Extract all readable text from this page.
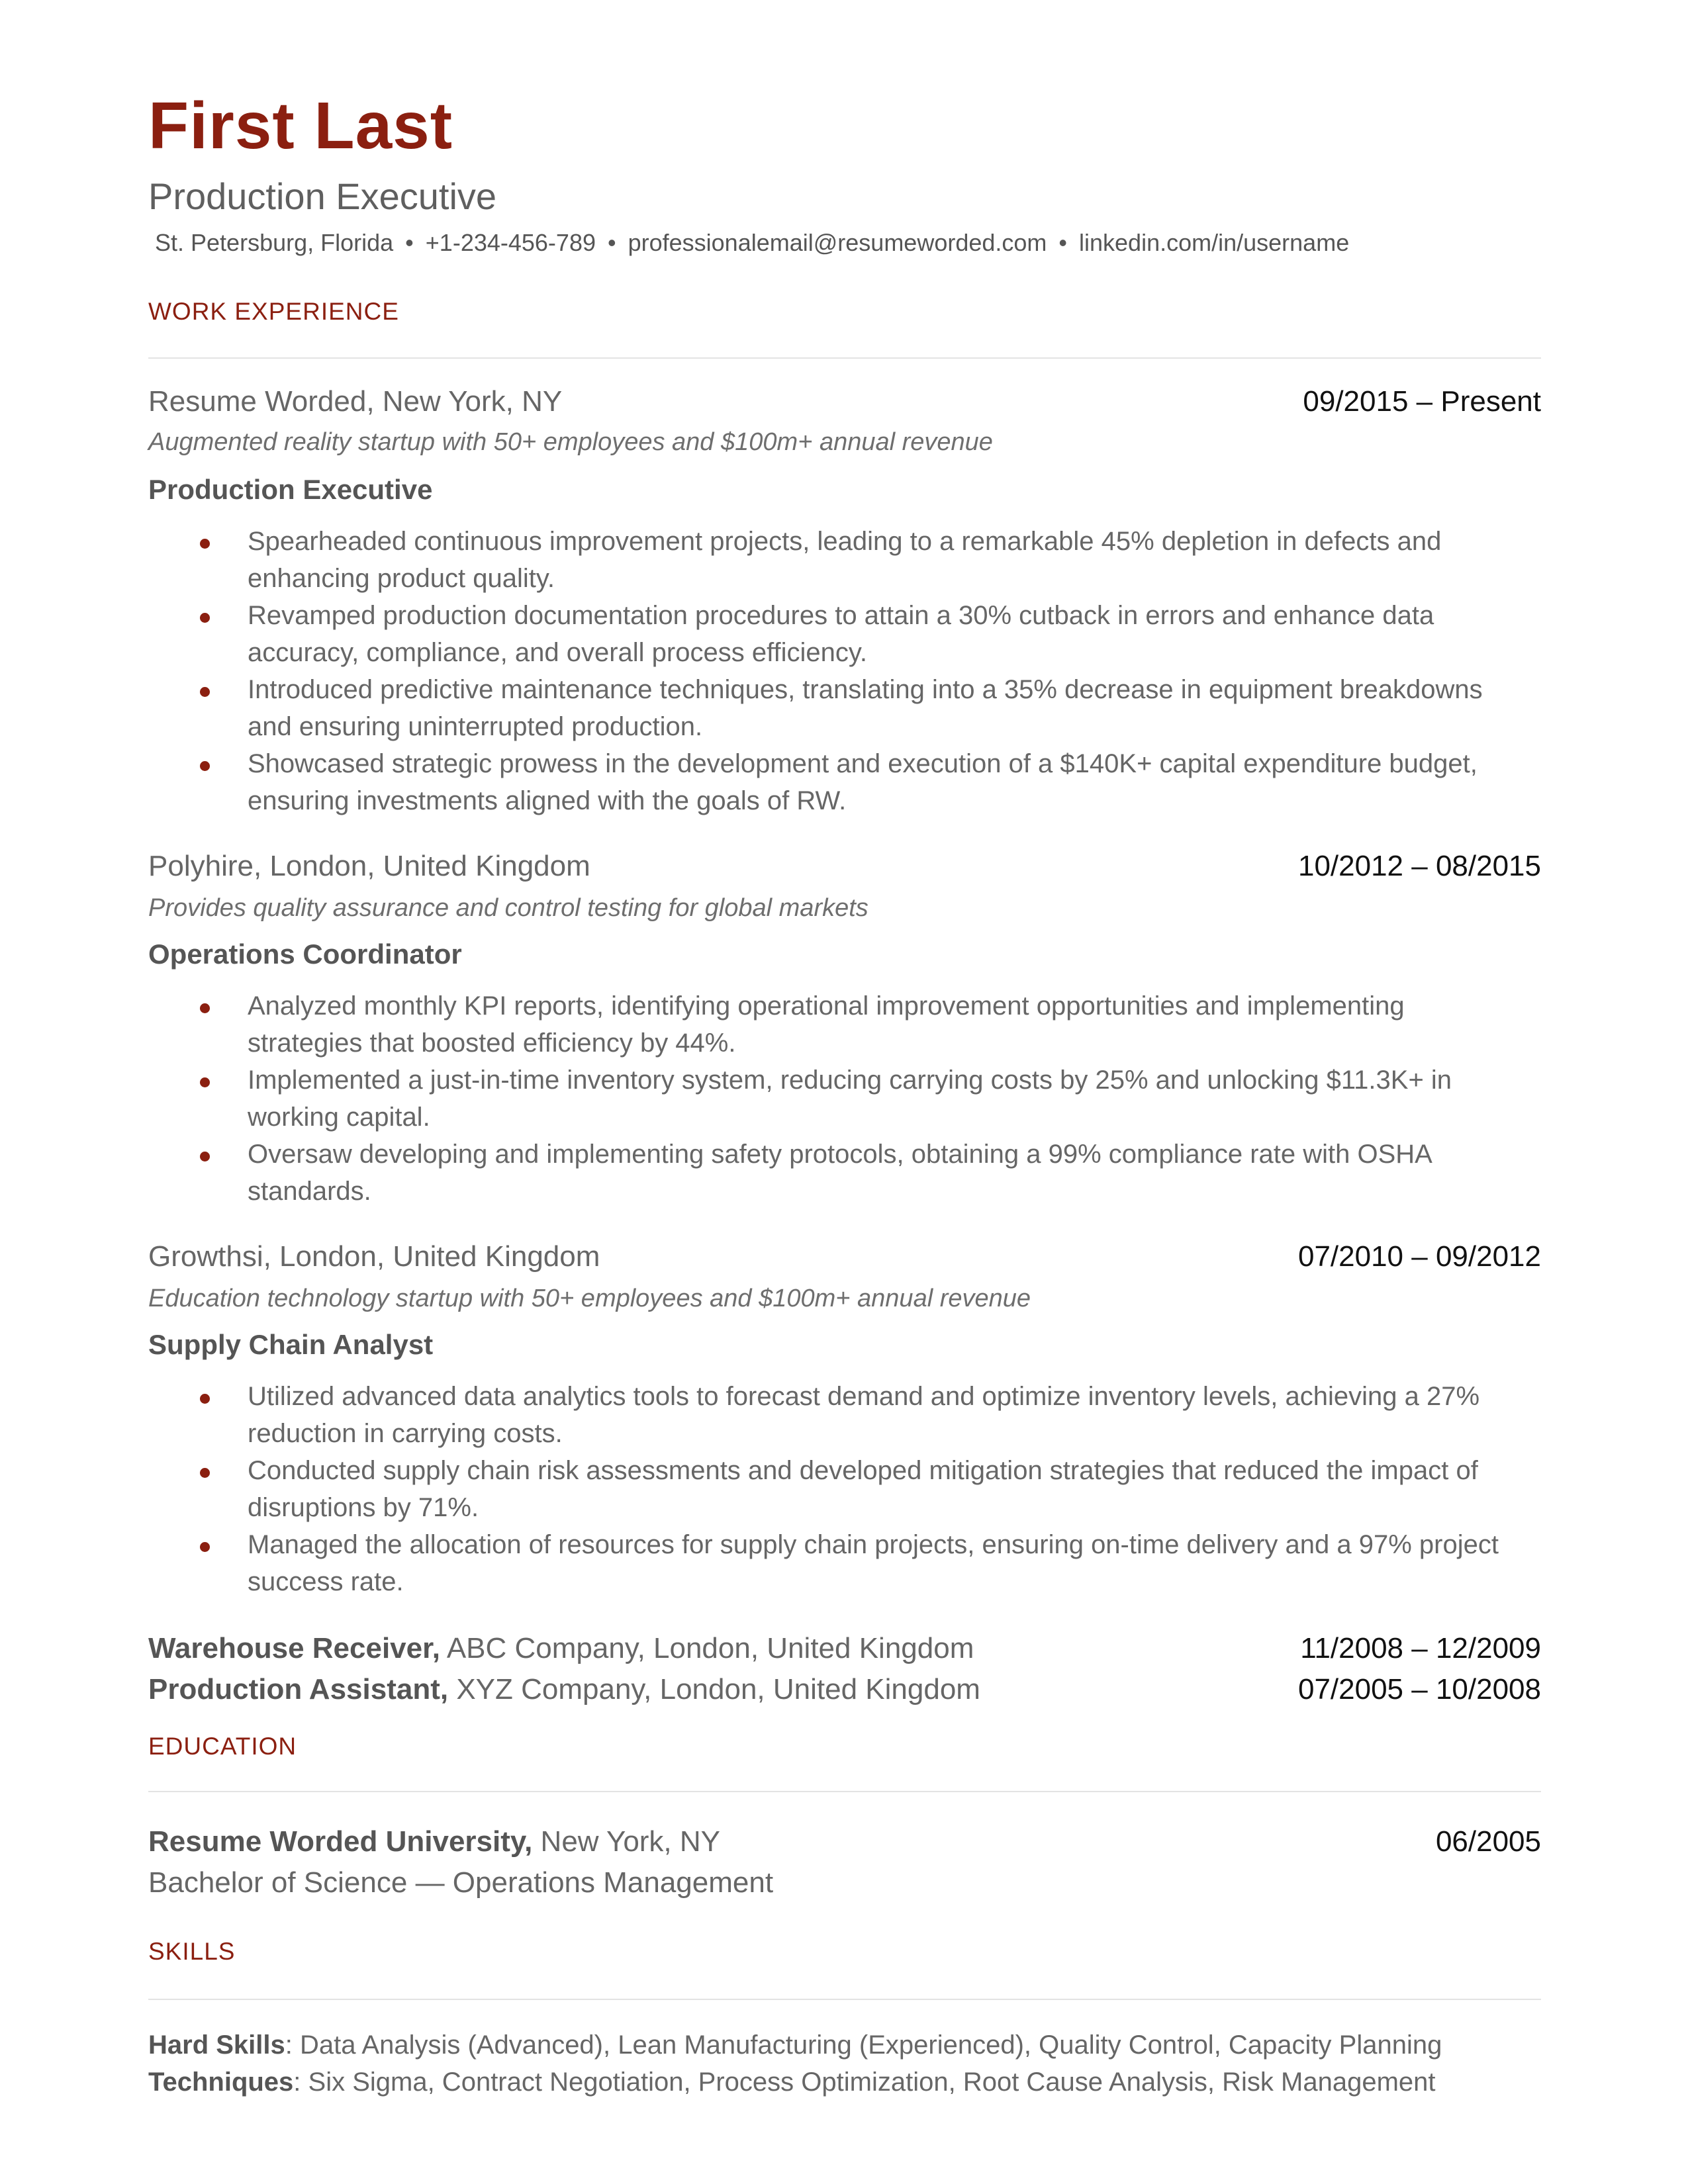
First Last
Production Executive
St. Petersburg, Florida • +1-234-456-789 • professionalemail@resumeworded.com • linkedin.com/in/username
WORK EXPERIENCE
Resume Worded, New York, NY	09/2015 – Present
Augmented reality startup with 50+ employees and $100m+ annual revenue
Production Executive
Spearheaded continuous improvement projects, leading to a remarkable 45% depletion in defects and
enhancing product quality.
Revamped production documentation procedures to attain a 30% cutback in errors and enhance data
accuracy, compliance, and overall process efficiency.
Introduced predictive maintenance techniques, translating into a 35% decrease in equipment breakdowns
and ensuring uninterrupted production.
Showcased strategic prowess in the development and execution of a $140K+ capital expenditure budget,
ensuring investments aligned with the goals of RW.
Polyhire, London, United Kingdom	10/2012 – 08/2015
Provides quality assurance and control testing for global markets
Operations Coordinator
Analyzed monthly KPI reports, identifying operational improvement opportunities and implementing
strategies that boosted efficiency by 44%.
Implemented a just-in-time inventory system, reducing carrying costs by 25% and unlocking $11.3K+ in
working capital.
Oversaw developing and implementing safety protocols, obtaining a 99% compliance rate with OSHA
standards.
Growthsi, London, United Kingdom	07/2010 – 09/2012
Education technology startup with 50+ employees and $100m+ annual revenue
Supply Chain Analyst
Utilized advanced data analytics tools to forecast demand and optimize inventory levels, achieving a 27%
reduction in carrying costs.
Conducted supply chain risk assessments and developed mitigation strategies that reduced the impact of
disruptions by 71%.
Managed the allocation of resources for supply chain projects, ensuring on-time delivery and a 97% project
success rate.
Warehouse Receiver, ABC Company, London, United Kingdom	11/2008 – 12/2009
Production Assistant, XYZ Company, London, United Kingdom	07/2005 – 10/2008
EDUCATION
Resume Worded University, New York, NY	06/2005
Bachelor of Science — Operations Management
SKILLS
Hard Skills: Data Analysis (Advanced), Lean Manufacturing (Experienced), Quality Control, Capacity Planning
Techniques: Six Sigma, Contract Negotiation, Process Optimization, Root Cause Analysis, Risk Management
